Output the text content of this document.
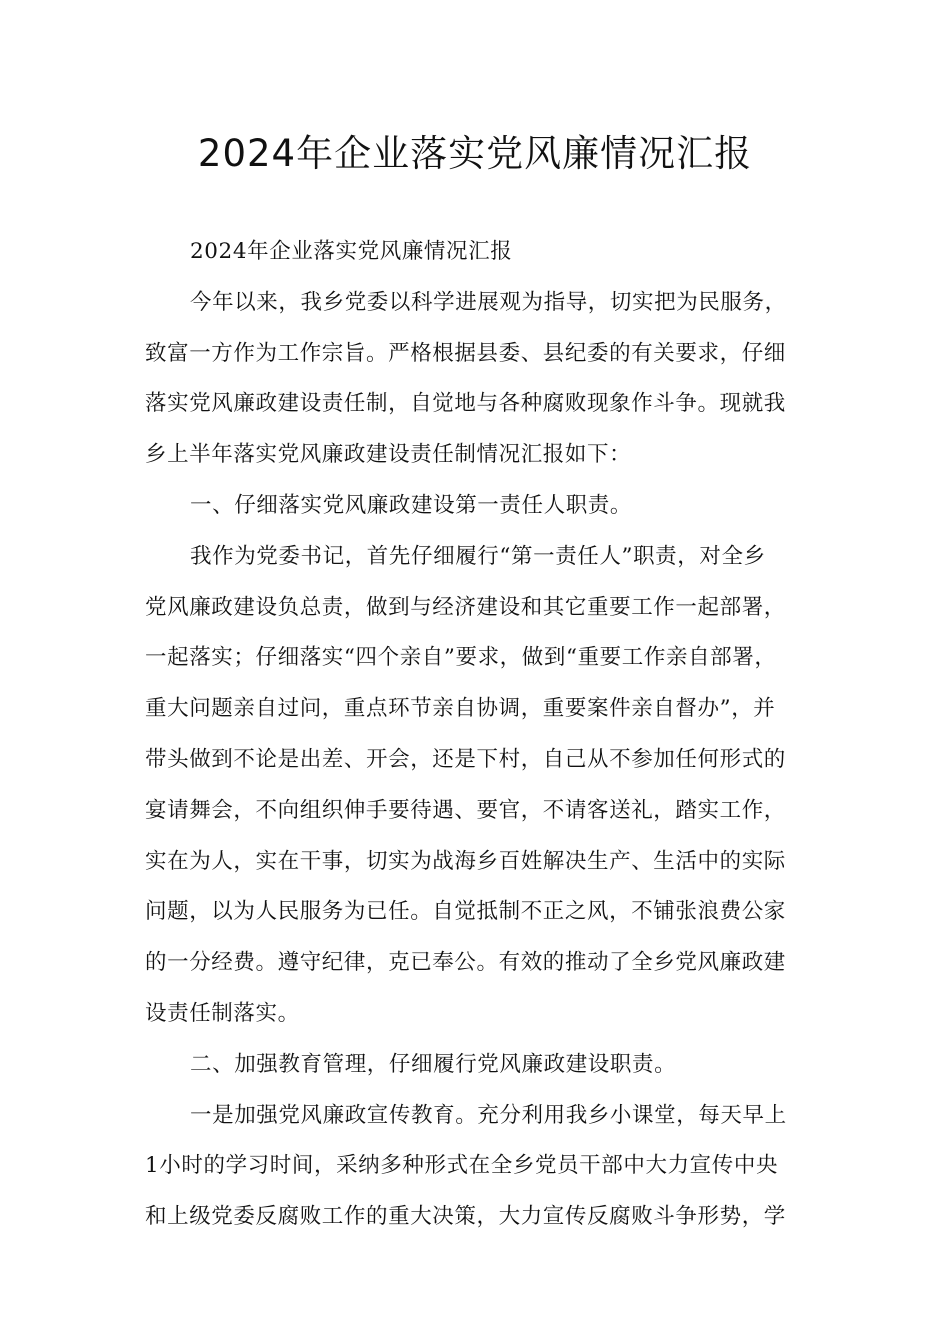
2024年企业落实党风廉情况汇报
2024年企业落实党风廉情况汇报
今年以来，我乡党委以科学进展观为指导，切实把为民服务，
致富一方作为工作宗旨。严格根据县委、县纪委的有关要求，仔细
落实党风廉政建设责任制，自觉地与各种腐败现象作斗争。现就我
乡上半年落实党风廉政建设责任制情况汇报如下：
一、仔细落实党风廉政建设第一责任人职责。
我作为党委书记，首先仔细履行“第一责任人”职责，对全乡
党风廉政建设负总责，做到与经济建设和其它重要工作一起部署，
一起落实；仔细落实“四个亲自”要求，做到“重要工作亲自部署，
重大问题亲自过问，重点环节亲自协调，重要案件亲自督办”，并
带头做到不论是出差、开会，还是下村，自己从不参加任何形式的
宴请舞会，不向组织伸手要待遇、要官，不请客送礼，踏实工作，
实在为人，实在干事，切实为战海乡百姓解决生产、生活中的实际
问题，以为人民服务为已任。自觉抵制不正之风，不铺张浪费公家
的一分经费。遵守纪律，克已奉公。有效的推动了全乡党风廉政建
设责任制落实。
二、加强教育管理，仔细履行党风廉政建设职责。
一是加强党风廉政宣传教育。充分利用我乡小课堂，每天早上
1小时的学习时间，采纳多种形式在全乡党员干部中大力宣传中央
和上级党委反腐败工作的重大决策，大力宣传反腐败斗争形势，学
